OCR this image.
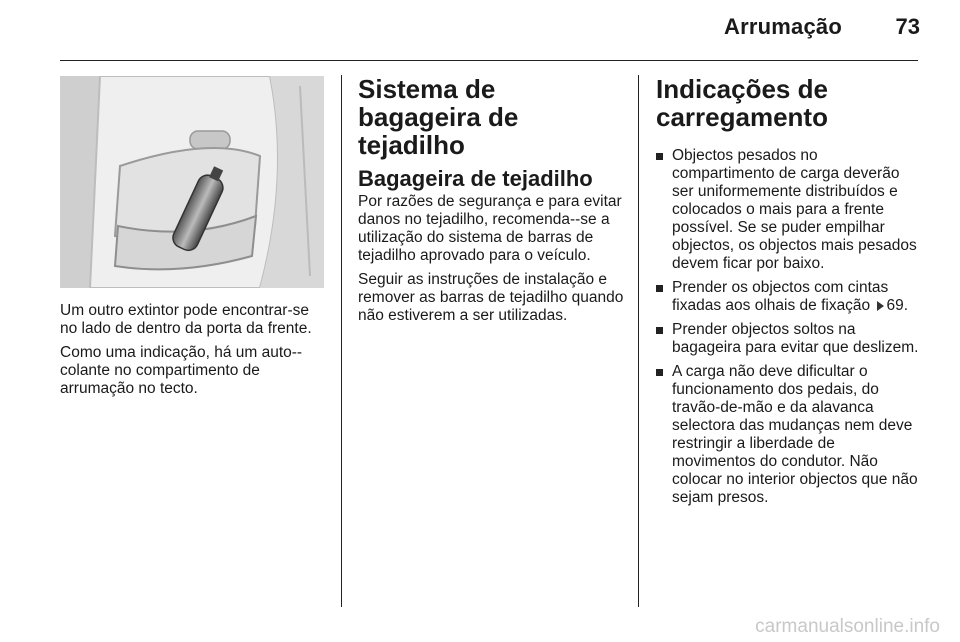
Arrumação 73

Um outro extintor pode encontrar-se no lado de dentro da porta da frente.

Como uma indicação, há um auto--colante no compartimento de arrumação no tecto.

Sistema de bagageira de tejadilho
Bagageira de tejadilho

Por razões de segurança e para evitar danos no tejadilho, recomenda--se a utilização do sistema de barras de tejadilho aprovado para o veículo.

Seguir as instruções de instalação e remover as barras de tejadilho quando não estiverem a ser utilizadas.

Indicações de carregamento
Objectos pesados no compartimento de carga deverão ser uniformemente distribuídos e colocados o mais para a frente possível. Se se puder empilhar objectos, os objectos mais pesados devem ficar por baixo.
Prender os objectos com cintas fixadas aos olhais de fixação 69.
Prender objectos soltos na bagageira para evitar que deslizem.
A carga não deve dificultar o funcionamento dos pedais, do travão-de-mão e da alavanca selectora das mudanças nem deve restringir a liberdade de movimentos do condutor. Não colocar no interior objectos que não sejam presos.
carmanualsonline.info
